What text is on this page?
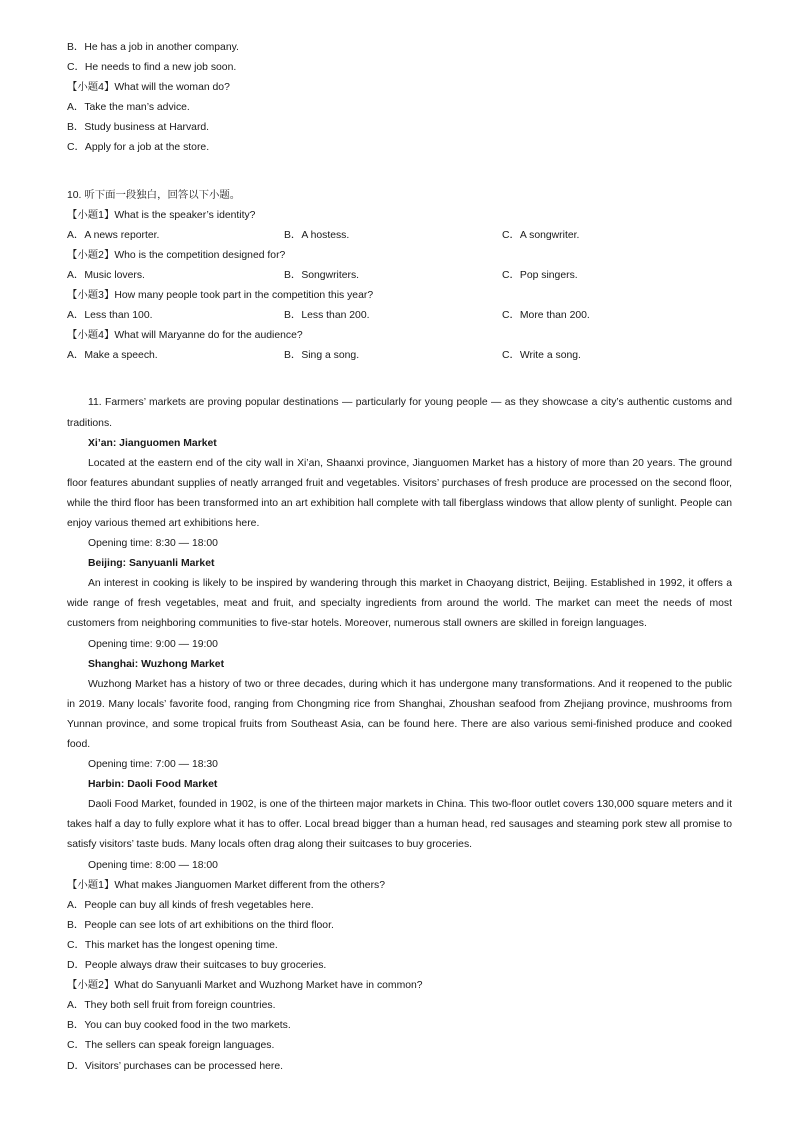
B．He has a job in another company.
C．He needs to find a new job soon.
【小题4】What will the woman do?
A．Take the man’s advice.
B．Study business at Harvard.
C．Apply for a job at the store.
10. 听下面一段独白，回答以下小题。
【小题1】What is the speaker’s identity?
A．A news reporter.	B．A hostess.	C．A songwriter.
【小题2】Who is the competition designed for?
A．Music lovers.	B．Songwriters.	C．Pop singers.
【小题3】How many people took part in the competition this year?
A．Less than 100.	B．Less than 200.	C．More than 200.
【小题4】What will Maryanne do for the audience?
A．Make a speech.	B．Sing a song.	C．Write a song.
11. Farmers’ markets are proving popular destinations — particularly for young people — as they showcase a city’s authentic customs and traditions.
Xi’an: Jianguomen Market
Located at the eastern end of the city wall in Xi’an, Shaanxi province, Jianguomen Market has a history of more than 20 years. The ground floor features abundant supplies of neatly arranged fruit and vegetables. Visitors’ purchases of fresh produce are processed on the second floor, while the third floor has been transformed into an art exhibition hall complete with tall fiberglass windows that allow plenty of sunlight. People can enjoy various themed art exhibitions here.
Opening time: 8:30 — 18:00
Beijing: Sanyuanli Market
An interest in cooking is likely to be inspired by wandering through this market in Chaoyang district, Beijing. Established in 1992, it offers a wide range of fresh vegetables, meat and fruit, and specialty ingredients from around the world. The market can meet the needs of most customers from neighboring communities to five-star hotels. Moreover, numerous stall owners are skilled in foreign languages.
Opening time: 9:00 — 19:00
Shanghai: Wuzhong Market
Wuzhong Market has a history of two or three decades, during which it has undergone many transformations. And it reopened to the public in 2019. Many locals’ favorite food, ranging from Chongming rice from Shanghai, Zhoushan seafood from Zhejiang province, mushrooms from Yunnan province, and some tropical fruits from Southeast Asia, can be found here. There are also various semi-finished produce and cooked food.
Opening time: 7:00 — 18:30
Harbin: Daoli Food Market
Daoli Food Market, founded in 1902, is one of the thirteen major markets in China. This two-floor outlet covers 130,000 square meters and it takes half a day to fully explore what it has to offer. Local bread bigger than a human head, red sausages and steaming pork stew all promise to satisfy visitors’ taste buds. Many locals often drag along their suitcases to buy groceries.
Opening time: 8:00 — 18:00
【小题1】What makes Jianguomen Market different from the others?
A．People can buy all kinds of fresh vegetables here.
B．People can see lots of art exhibitions on the third floor.
C．This market has the longest opening time.
D．People always draw their suitcases to buy groceries.
【小题2】What do Sanyuanli Market and Wuzhong Market have in common?
A．They both sell fruit from foreign countries.
B．You can buy cooked food in the two markets.
C．The sellers can speak foreign languages.
D．Visitors’ purchases can be processed here.
